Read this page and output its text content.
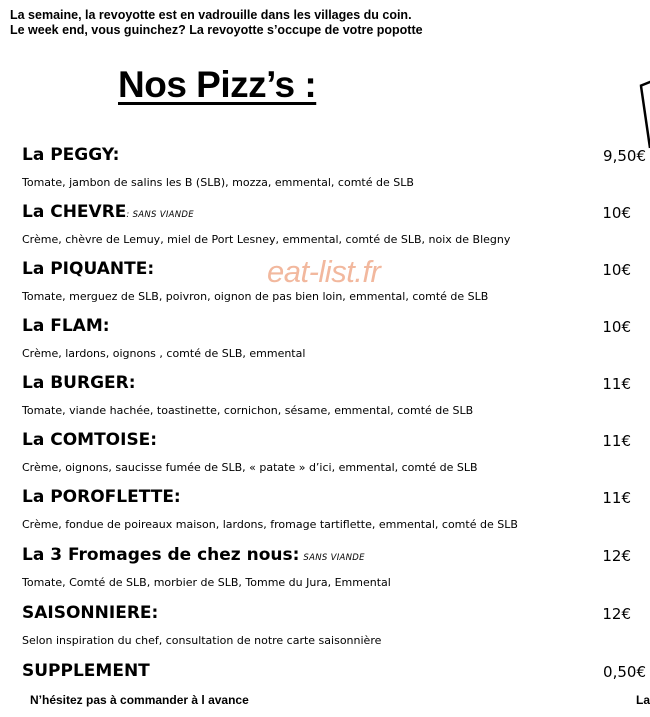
La semaine, la revoyotte est en vadrouille dans les villages du coin.
Le week end, vous guinchez? La revoyotte s’occupe de votre popotte
Nos Pizz’s :
eat-list.fr
La PEGGY:	9,50€
Tomate, jambon de salins les B (SLB), mozza, emmental, comté de SLB
La CHEVRE: SANS VIANDE	10€
Crème, chèvre de Lemuy, miel de Port Lesney, emmental, comté de SLB, noix de Blegny
La PIQUANTE:	10€
Tomate, merguez de SLB, poivron, oignon de pas bien loin, emmental, comté de SLB
La FLAM:	10€
Crème, lardons, oignons , comté de SLB, emmental
La BURGER:	11€
Tomate, viande hachée, toastinette, cornichon, sésame, emmental, comté de SLB
La COMTOISE:	11€
Crème, oignons, saucisse fumée de SLB, « patate » d’ici, emmental, comté de SLB
La POROFLETTE:	11€
Crème, fondue de poireaux maison, lardons, fromage tartiflette, emmental, comté de SLB
La 3 Fromages de chez nous: SANS VIANDE	12€
Tomate, Comté de SLB, morbier de SLB, Tomme du Jura, Emmental
SAISONNIERE:	12€
Selon inspiration du chef, consultation de notre carte saisonnière
SUPPLEMENT	0,50€
N’hésitez pas à commander à l avance	La
